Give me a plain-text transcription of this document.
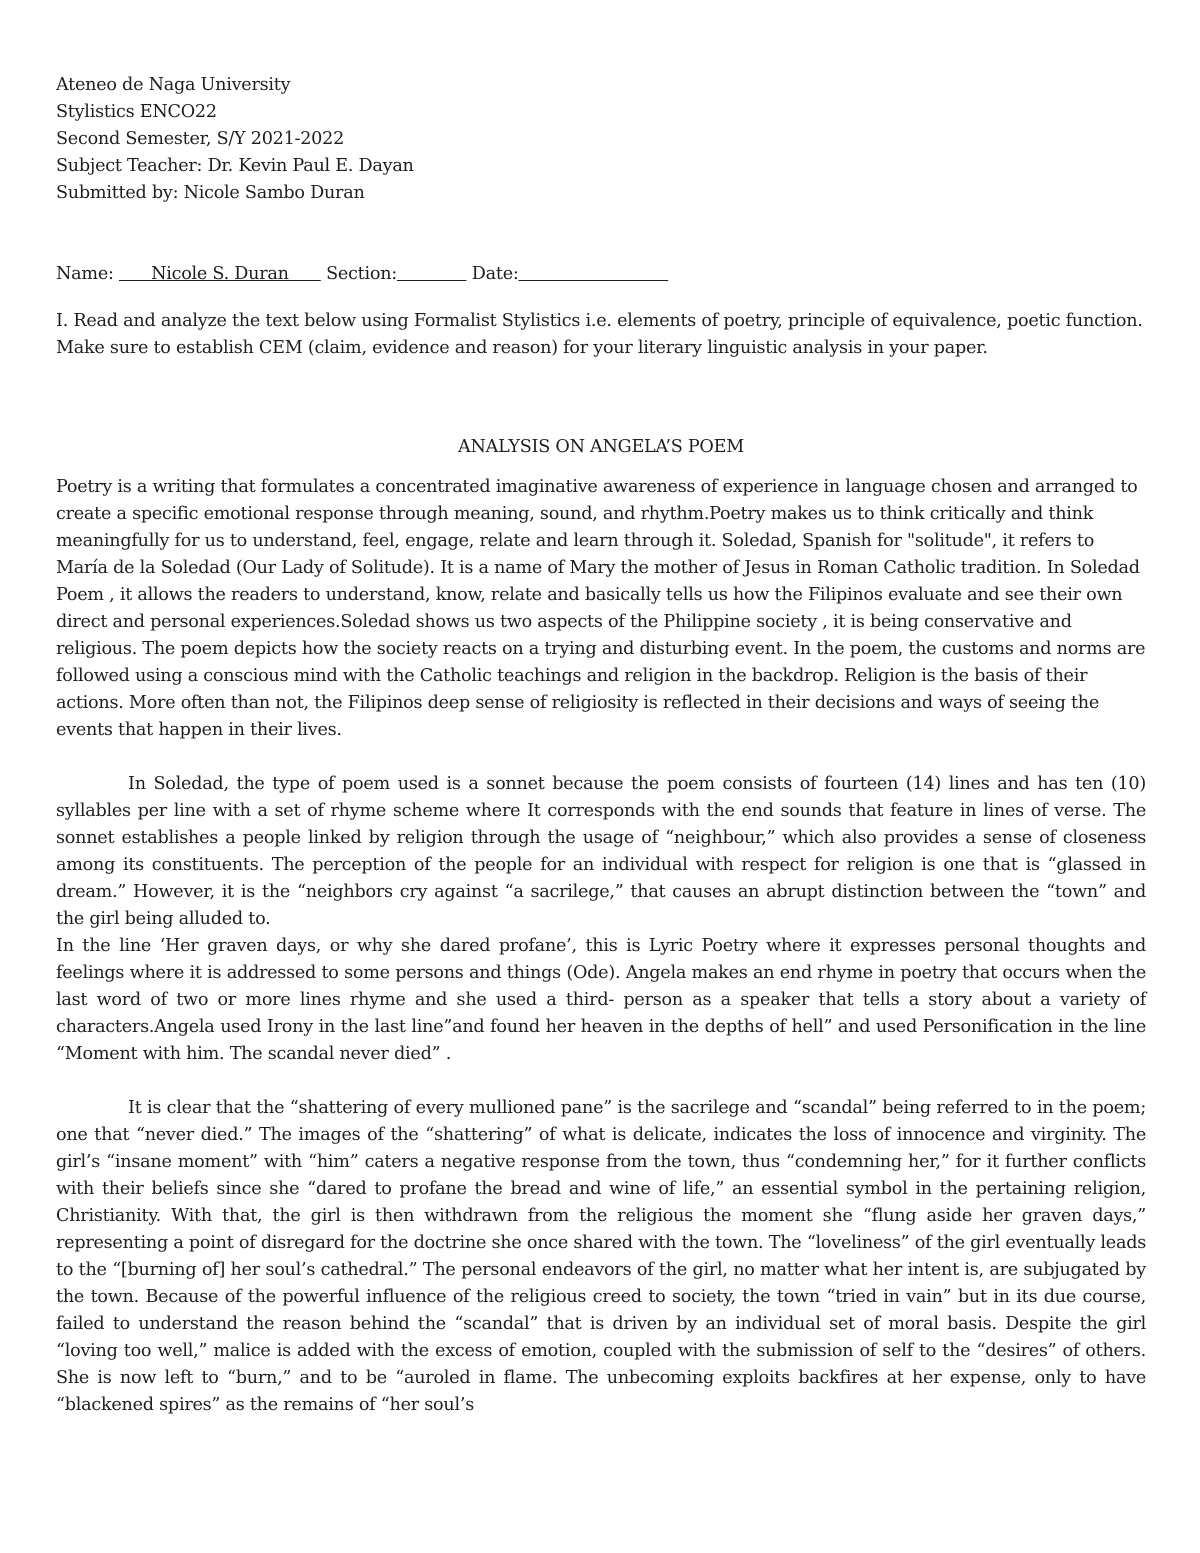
Ateneo de Naga University

Stylistics ENCO22

Second Semester, S/Y 2021-2022

Subject Teacher: Dr. Kevin Paul E. Dayan

Submitted by: Nicole Sambo Duran

Name:       Nicole S. Duran       Section:	Date:

I. Read and analyze the text below using Formalist Stylistics i.e. elements of poetry, principle of equivalence, poetic function. Make sure to establish CEM (claim, evidence and reason) for your literary linguistic analysis in your paper.

ANALYSIS ON ANGELA’S POEM

Poetry is a writing that formulates a concentrated imaginative awareness of experience in language chosen and arranged to create a specific emotional response through meaning, sound, and rhythm.Poetry makes us to think critically and think meaningfully for us to understand, feel, engage, relate and learn through it. Soledad, Spanish for "solitude", it refers to María de la Soledad (Our Lady of Solitude). It is a name of Mary the mother of Jesus in Roman Catholic tradition. In Soledad Poem , it allows the readers to understand, know, relate and basically tells us how the Filipinos evaluate and see their own direct and personal experiences.Soledad shows us two aspects of the Philippine society , it is being conservative and religious. The poem depicts how the society reacts on a trying and disturbing event. In the poem, the customs and norms are followed using a conscious mind with the Catholic teachings and religion in the backdrop. Religion is the basis of their actions. More often than not, the Filipinos deep sense of religiosity is reflected in their decisions and ways of seeing the events that happen in their lives.

In Soledad, the type of poem used is a sonnet because the poem consists of fourteen (14) lines and has ten (10) syllables per line with a set of rhyme scheme where It corresponds with the end sounds that feature in lines of verse. The sonnet establishes a people linked by religion through the usage of “neighbour,” which also provides a sense of closeness among its constituents. The perception of the people for an individual with respect for religion is one that is “glassed in dream.” However, it is the “neighbors cry against “a sacrilege,” that causes an abrupt distinction between the “town” and the girl being alluded to.

In the line ‘Her graven days, or why she dared profane’, this is Lyric Poetry where it expresses personal thoughts and feelings where it is addressed to some persons and things (Ode). Angela makes an end rhyme in poetry that occurs when the last word of two or more lines rhyme and she used a third- person as a speaker that tells a story about a variety of characters.Angela used Irony in the last line”and found her heaven in the depths of hell” and used Personification in the line “Moment with him. The scandal never died” .

It is clear that the “shattering of every mullioned pane” is the sacrilege and “scandal” being referred to in the poem; one that “never died.” The images of the “shattering” of what is delicate, indicates the loss of innocence and virginity. The girl’s “insane moment” with “him” caters a negative response from the town, thus “condemning her,” for it further conflicts with their beliefs since she “dared to profane the bread and wine of life,” an essential symbol in the pertaining religion, Christianity. With that, the girl is then withdrawn from the religious the moment she “flung aside her graven days,” representing a point of disregard for the doctrine she once shared with the town. The “loveliness” of the girl eventually leads to the “[burning of] her soul’s cathedral.” The personal endeavors of the girl, no matter what her intent is, are subjugated by the town. Because of the powerful influence of the religious creed to society, the town “tried in vain” but in its due course, failed to understand the reason behind the “scandal” that is driven by an individual set of moral basis. Despite the girl “loving too well,” malice is added with the excess of emotion, coupled with the submission of self to the “desires” of others. She is now left to “burn,” and to be “auroled in flame. The unbecoming exploits backfires at her expense, only to have “blackened spires” as the remains of “her soul’s
